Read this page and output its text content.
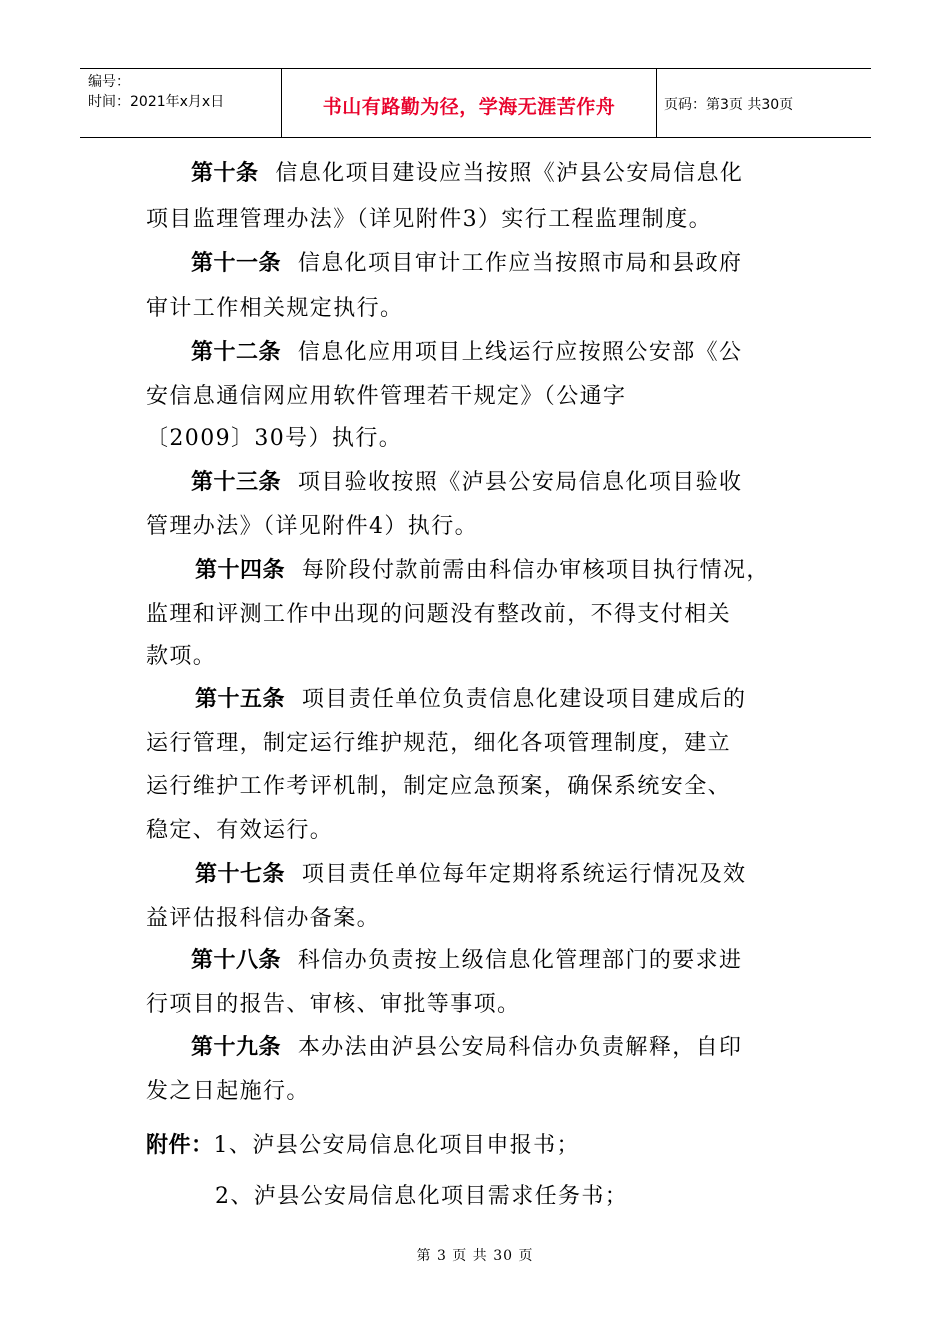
编号：
时间：2021年x月x日	书山有路勤为径，学海无涯苦作舟	页码：第3页 共30页
第十条 信息化项目建设应当按照《泸县公安局信息化
项目监理管理办法》（详见附件3）实行工程监理制度。
第十一条 信息化项目审计工作应当按照市局和县政府
审计工作相关规定执行。
第十二条 信息化应用项目上线运行应按照公安部《公
安信息通信网应用软件管理若干规定》（公通字
〔2009〕30号）执行。
第十三条 项目验收按照《泸县公安局信息化项目验收
管理办法》（详见附件4）执行。
第十四条 每阶段付款前需由科信办审核项目执行情况，
监理和评测工作中出现的问题没有整改前，不得支付相关
款项。
第十五条 项目责任单位负责信息化建设项目建成后的
运行管理，制定运行维护规范，细化各项管理制度，建立
运行维护工作考评机制，制定应急预案，确保系统安全、
稳定、有效运行。
第十七条 项目责任单位每年定期将系统运行情况及效
益评估报科信办备案。
第十八条 科信办负责按上级信息化管理部门的要求进
行项目的报告、审核、审批等事项。
第十九条 本办法由泸县公安局科信办负责解释，自印
发之日起施行。
附件：1、泸县公安局信息化项目申报书；
2、泸县公安局信息化项目需求任务书；
第 3 页 共 30 页
